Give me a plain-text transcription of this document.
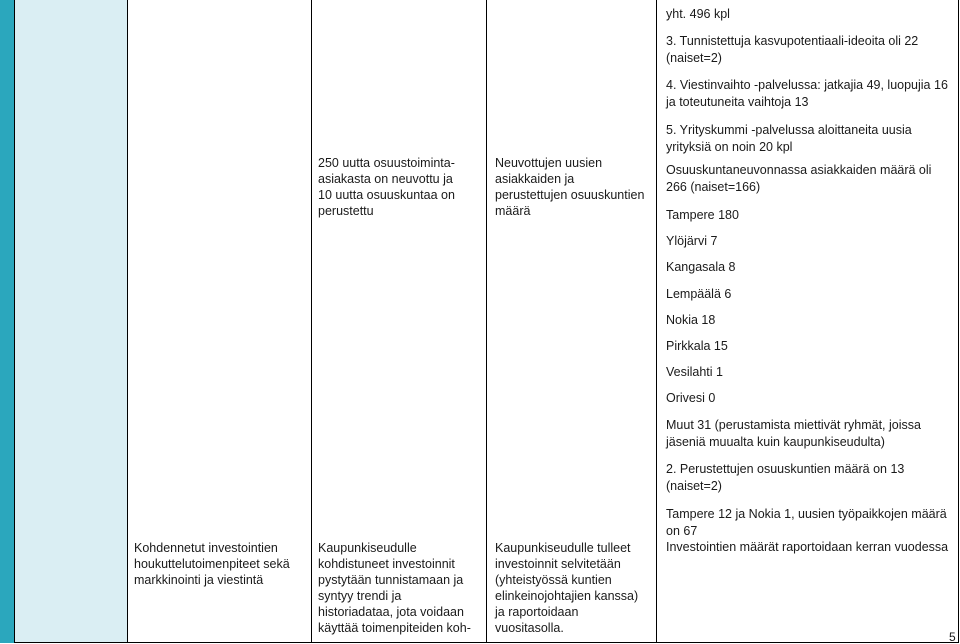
250 uutta osuustoiminta-asiakasta on neuvottu ja 10 uutta osuuskuntaa on perustettu
Neuvottujen uusien asiakkaiden ja perustettujen osuuskuntien määrä

yht. 496 kpl

3. Tunnistettuja kasvupotentiaali-ideoita oli 22 (naiset=2)

4. Viestinvaihto -palvelussa: jatkajia 49, luopujia 16 ja toteutuneita vaihtoja 13

5. Yrityskummi -palvelussa aloittaneita uusia yrityksiä on noin 20 kpl

Osuuskuntaneuvonnassa asiakkaiden määrä oli 266 (naiset=166)

Tampere 180

Ylöjärvi 7

Kangasala 8

Lempäälä 6

Nokia 18

Pirkkala 15

Vesilahti 1

Orivesi 0

Muut 31 (perustamista miettivät ryhmät, joissa jäseniä muualta kuin kaupunkiseudulta)

2. Perustettujen osuuskuntien määrä on 13 (naiset=2)

Tampere 12 ja Nokia 1, uusien työpaikkojen määrä on 67

Investointien määrät raportoidaan kerran vuodessa

Kohdennetut investointien houkuttelutoimenpiteet sekä markkinointi ja viestintä
Kaupunkiseudulle kohdistuneet investoinnit pystytään tunnistamaan ja syntyy trendi ja historiadataa, jota voidaan käyttää toimenpiteiden koh-
Kaupunkiseudulle tulleet investoinnit selvitetään (yhteistyössä kuntien elinkeinojohtajien kanssa) ja raportoidaan vuositasolla.
5
